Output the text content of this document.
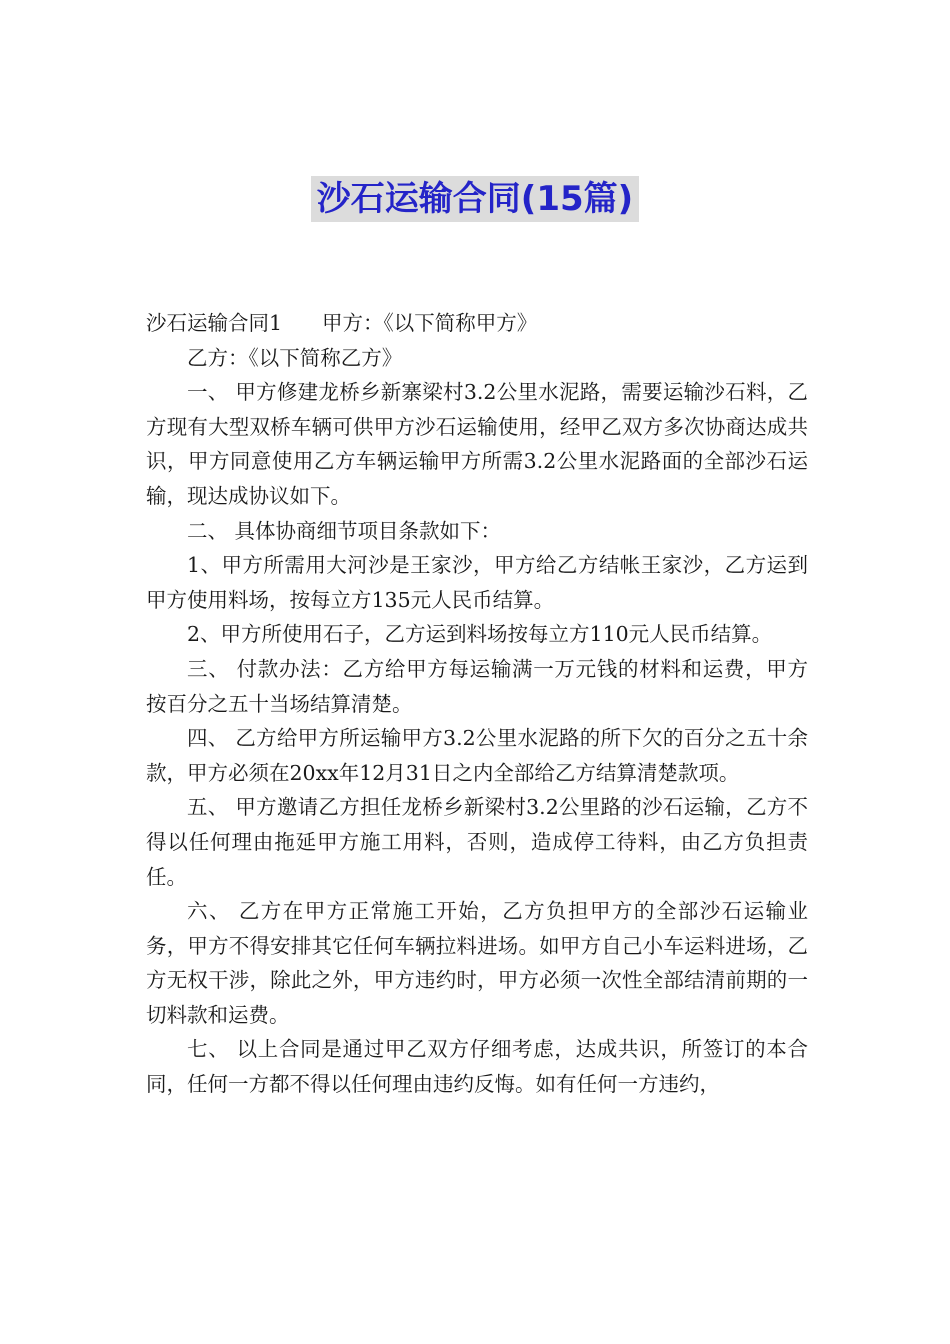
沙石运输合同(15篇)

沙石运输合同1 甲方：《以下简称甲方》

乙方：《以下简称乙方》

一、 甲方修建龙桥乡新寨梁村3.2公里水泥路，需要运输沙石料，乙方现有大型双桥车辆可供甲方沙石运输使用，经甲乙双方多次协商达成共识，甲方同意使用乙方车辆运输甲方所需3.2公里水泥路面的全部沙石运输，现达成协议如下。

二、 具体协商细节项目条款如下：

1、甲方所需用大河沙是王家沙，甲方给乙方结帐王家沙，乙方运到甲方使用料场，按每立方135元人民币结算。

2、甲方所使用石子，乙方运到料场按每立方110元人民币结算。

三、 付款办法：乙方给甲方每运输满一万元钱的材料和运费，甲方按百分之五十当场结算清楚。

四、 乙方给甲方所运输甲方3.2公里水泥路的所下欠的百分之五十余款，甲方必须在20xx年12月31日之内全部给乙方结算清楚款项。

五、 甲方邀请乙方担任龙桥乡新梁村3.2公里路的沙石运输，乙方不得以任何理由拖延甲方施工用料，否则，造成停工待料，由乙方负担责任。

六、 乙方在甲方正常施工开始，乙方负担甲方的全部沙石运输业务，甲方不得安排其它任何车辆拉料进场。如甲方自己小车运料进场，乙方无权干涉，除此之外，甲方违约时，甲方必须一次性全部结清前期的一切料款和运费。

七、 以上合同是通过甲乙双方仔细考虑，达成共识，所签订的本合同，任何一方都不得以任何理由违约反悔。如有任何一方违约，
